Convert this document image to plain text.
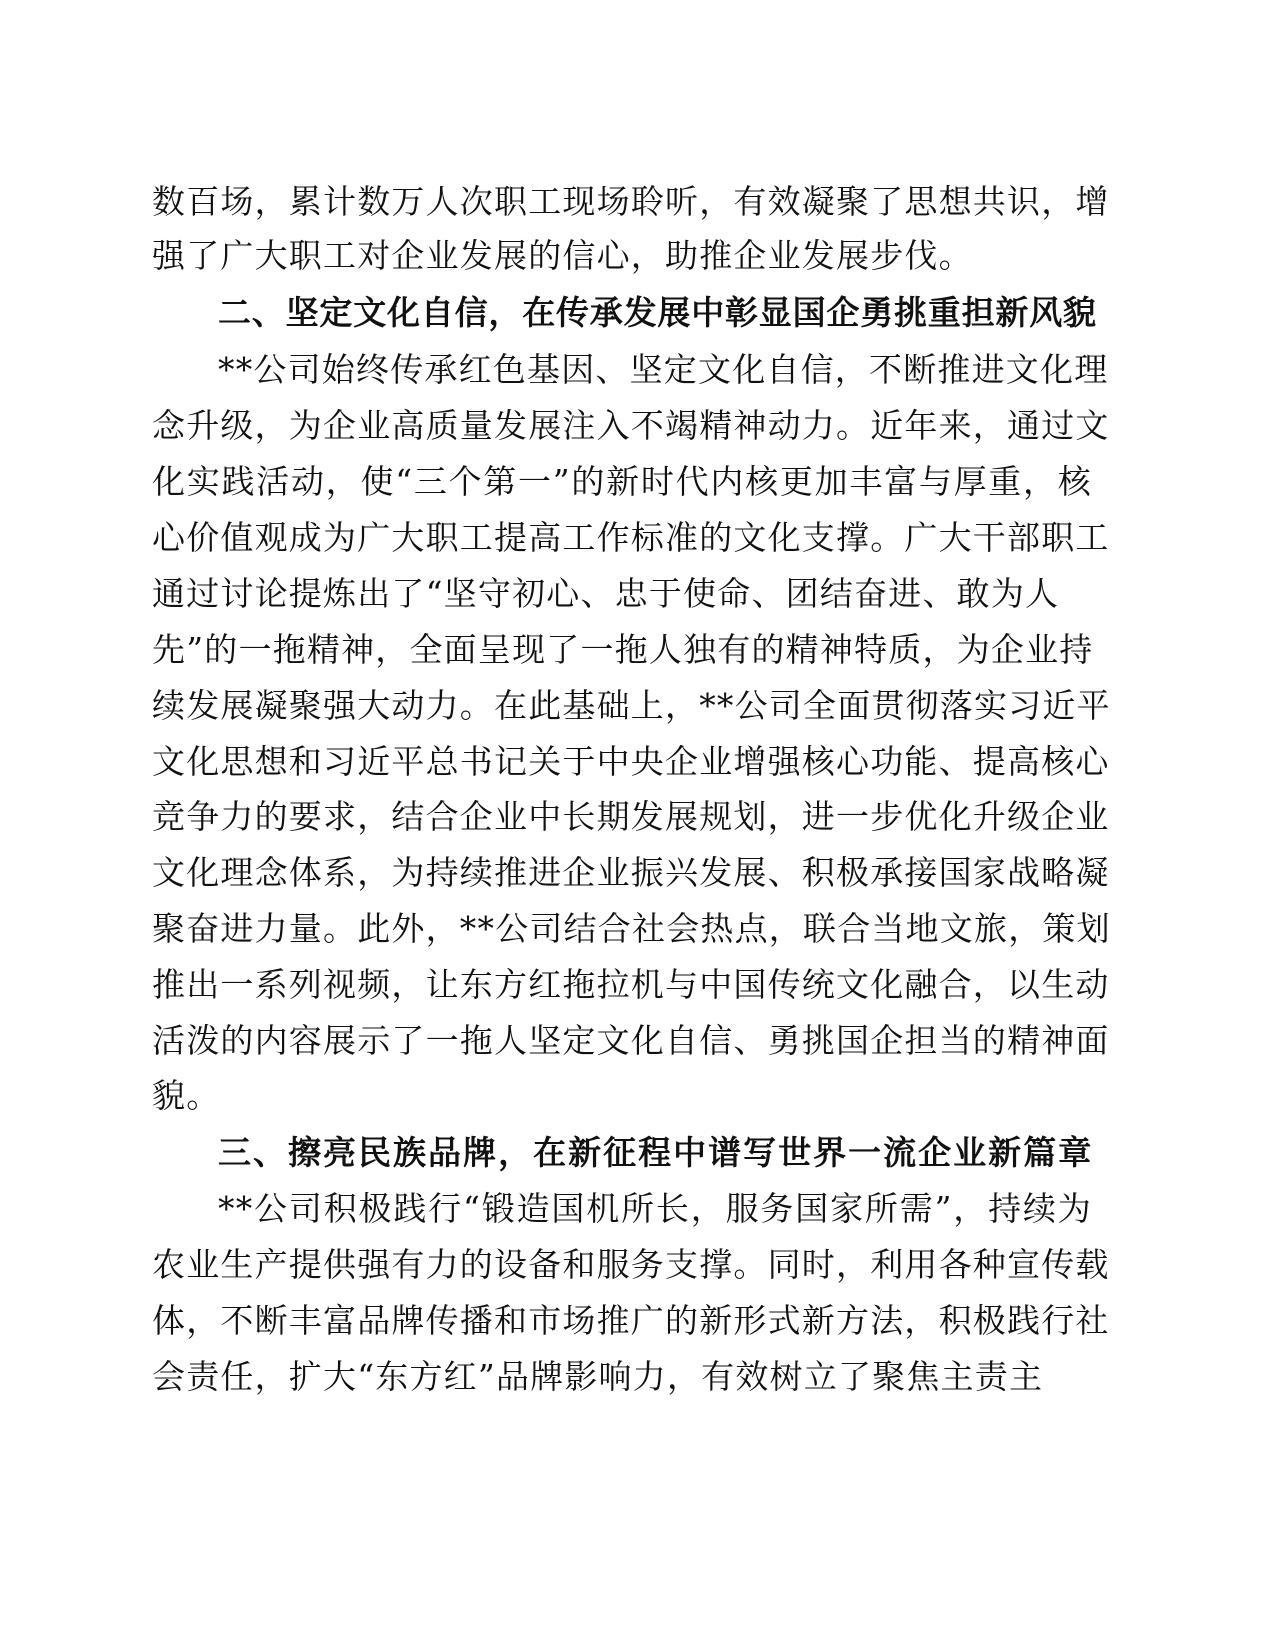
数百场，累计数万人次职工现场聆听，有效凝聚了思想共识，增
强了广大职工对企业发展的信心，助推企业发展步伐。
二、坚定文化自信，在传承发展中彰显国企勇挑重担新风貌
**公司始终传承红色基因、坚定文化自信，不断推进文化理
念升级，为企业高质量发展注入不竭精神动力。近年来，通过文
化实践活动，使“三个第一”的新时代内核更加丰富与厚重，核
心价值观成为广大职工提高工作标准的文化支撑。广大干部职工
通过讨论提炼出了“坚守初心、忠于使命、团结奋进、敢为人
先”的一拖精神，全面呈现了一拖人独有的精神特质，为企业持
续发展凝聚强大动力。在此基础上，**公司全面贯彻落实习近平
文化思想和习近平总书记关于中央企业增强核心功能、提高核心
竞争力的要求，结合企业中长期发展规划，进一步优化升级企业
文化理念体系，为持续推进企业振兴发展、积极承接国家战略凝
聚奋进力量。此外，**公司结合社会热点，联合当地文旅，策划
推出一系列视频，让东方红拖拉机与中国传统文化融合，以生动
活泼的内容展示了一拖人坚定文化自信、勇挑国企担当的精神面
貌。
三、擦亮民族品牌，在新征程中谱写世界一流企业新篇章
**公司积极践行“锻造国机所长，服务国家所需”，持续为
农业生产提供强有力的设备和服务支撑。同时，利用各种宣传载
体，不断丰富品牌传播和市场推广的新形式新方法，积极践行社
会责任，扩大“东方红”品牌影响力，有效树立了聚焦主责主
